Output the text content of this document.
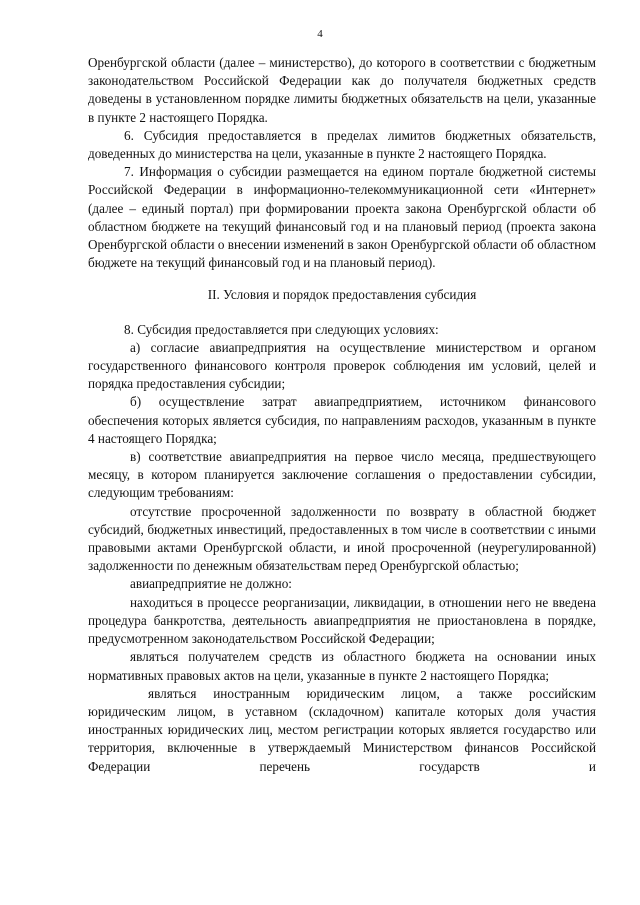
4

Оренбургской области (далее – министерство), до которого в соответствии с бюджетным законодательством Российской Федерации как до получателя бюджетных средств доведены в установленном порядке лимиты бюджетных обязательств на цели, указанные в пункте 2 настоящего Порядка.

6. Субсидия предоставляется в пределах лимитов бюджетных обязательств, доведенных до министерства на цели, указанные в пункте 2 настоящего Порядка.

7. Информация о субсидии размещается на едином портале бюджетной системы Российской Федерации в информационно-телекоммуникационной сети «Интернет» (далее – единый портал) при формировании проекта закона Оренбургской области об областном бюджете на текущий финансовый год и на плановый период (проекта закона Оренбургской области о внесении изменений в закон Оренбургской области об областном бюджете на текущий финансовый год и на плановый период).

II. Условия и порядок предоставления субсидия

8. Субсидия предоставляется при следующих условиях:

а) согласие авиапредприятия на осуществление министерством и органом государственного финансового контроля проверок соблюдения им условий, целей и порядка предоставления субсидии;

б) осуществление затрат авиапредприятием, источником финансового обеспечения которых является субсидия, по направлениям расходов, указанным в пункте 4 настоящего Порядка;

в) соответствие авиапредприятия на первое число месяца, предшествующего месяцу, в котором планируется заключение соглашения о предоставлении субсидии, следующим требованиям:

отсутствие просроченной задолженности по возврату в областной бюджет субсидий, бюджетных инвестиций, предоставленных в том числе в соответствии с иными правовыми актами Оренбургской области, и иной просроченной (неурегулированной) задолженности по денежным обязательствам перед Оренбургской областью;

авиапредприятие не должно:

находиться в процессе реорганизации, ликвидации, в отношении него не введена процедура банкротства, деятельность авиапредприятия не приостановлена в порядке, предусмотренном законодательством Российской Федерации;

являться получателем средств из областного бюджета на основании иных нормативных правовых актов на цели, указанные в пункте 2 настоящего Порядка;

являться иностранным юридическим лицом, а также российским юридическим лицом, в уставном (складочном) капитале которых доля участия иностранных юридических лиц, местом регистрации которых является государство или территория, включенные в утверждаемый Министерством финансов Российской Федерации перечень государств и
